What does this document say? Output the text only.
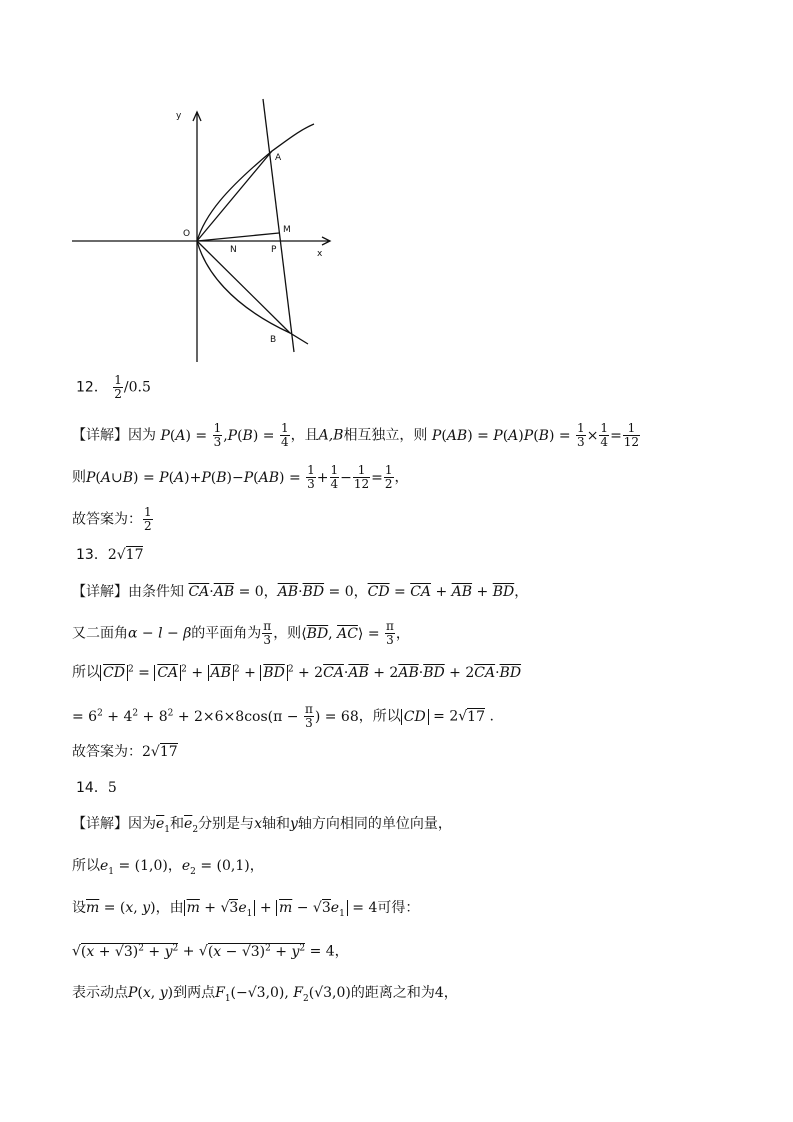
y
x
O
A
B
M
N	P
12． $\frac{1}{2} /0.5$
【详解】因为 $P(A) = \frac{1}{3} ,P(B) = \frac{1}{4}$ ，且A,B相互独立，则 $P(AB) = P(A)P(B) = \frac{1}{3} \times \frac{1}{4} = \frac{1}{12}$
则P(A∪B) = $P(A)+P(B)-P(AB) = \frac{1}{3} + \frac{1}{4} - \frac{1}{12} = \frac{1}{2}$ ，
故答案为： $\frac{1}{2}$
13．2√17
【详解】由条件知 $\overline{CA}\cdot\overline{AB} = 0$，$\overline{AB}\cdot\overline{BD} = 0$，$\overline{CD} = \overline{CA} + \overline{AB} + \overline{BD}$，
又二面角α − l − β的平面角为 $\frac{\pi}{3}$ ，则$⟨\overline{BD}$, $\overline{AC}⟩ = \frac{\pi}{3}$ ，
所以 $\overline{CD}$ $^2 = \overline{CA}$ $^2 + \overline{AB}$ $^2 + \overline{BD}$ $^2 + 2\overline{CA}\cdot\overline{AB} + 2\overline{AB}\cdot\overline{BD} + 2\overline{CA}\cdot\overline{BD}$
= $6^2 + 4^2 + 8^2 + 2\times 6\times 8\cos(\pi - \frac{\pi}{3}$ ) = 68，所以 CD = 2√17 .
故答案为：2√17
14．5
【详解】因为$\overline{e}_1$和$\overline{e}_2$分别是与x轴和y轴方向相同的单位向量，
所以$e_1 = (1,0)$，$e_2 = (0,1)$，
设$\overline{m} = (x$, y)，由 $\overline{m} + √3e_1 + \overline{m} - √3e_1 = 4$可得：
$√(x + √3)^2 + y^2 + √(x - √3)^2 + y^2 = 4$，
表示动点P(x, y)到两点$F_1(-√3,0)$, $F_2(√3,0)$的距离之和为4，
